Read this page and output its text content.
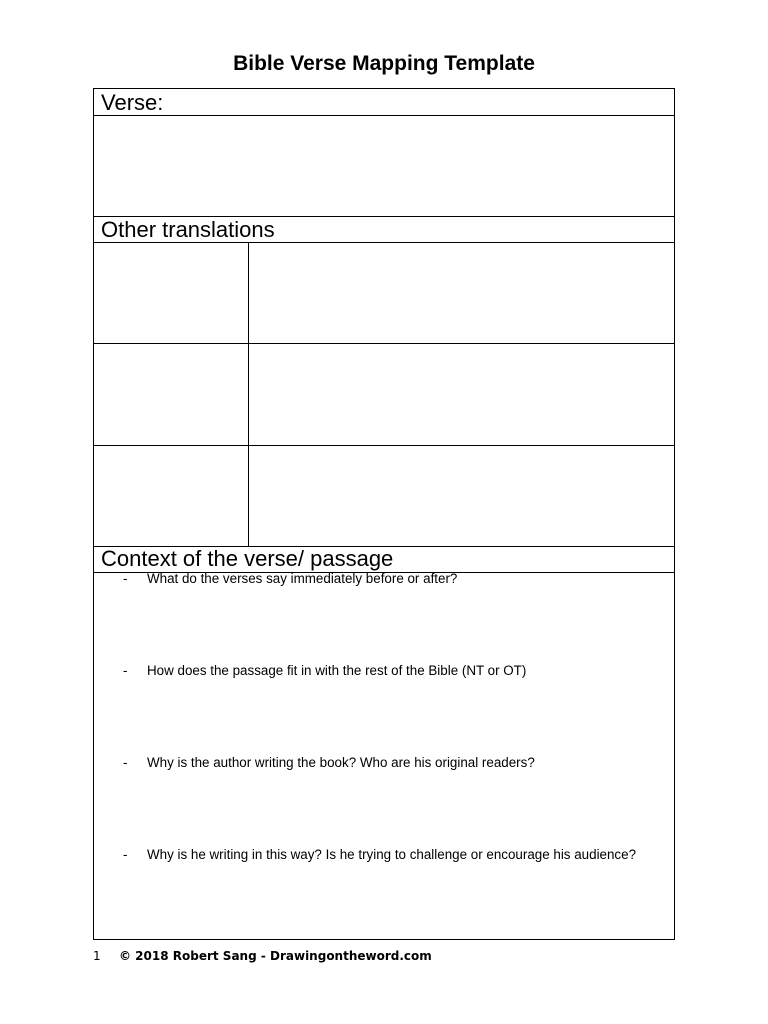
Bible Verse Mapping Template
Verse:
Other translations
Context of the verse/ passage
- What do the verses say immediately before or after?
- How does the passage fit in with the rest of the Bible (NT or OT)
- Why is the author writing the book? Who are his original readers?
- Why is he writing in this way? Is he trying to challenge or encourage his audience?
1 © 2018 Robert Sang - Drawingontheword.com
